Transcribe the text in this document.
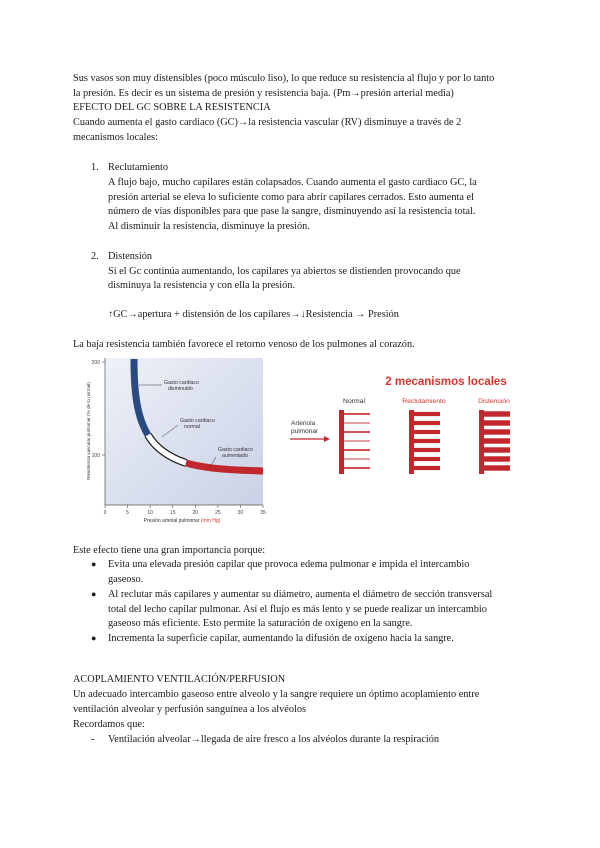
Sus vasos son muy distensibles (poco músculo liso), lo que reduce su resistencia al flujo y por lo tanto
la presión. Es decir es un sistema de presión y resistencia baja. (Pm→presión arterial media)
EFECTO DEL GC SOBRE LA RESISTENCIA
Cuando aumenta el gasto cardiaco (GC)→la resistencia vascular (RV) disminuye a través de 2
mecanismos locales:
1. Reclutamiento
A flujo bajo, mucho capilares están colapsados. Cuando aumenta el gasto cardiaco GC, la
presión arterial se eleva lo suficiente como para abrir capilares cerrados. Esto aumenta el
número de vías disponibles para que pase la sangre, disminuyendo así la resistencia total.
Al disminuir la resistencia, disminuye la presión.
2. Distensión
Si el Gc continúa aumentando, los capilares ya abiertos se distienden provocando que
disminuya la resistencia y con ella la presión.
↑GC→apertura + distensión de los capilares→↓Resistencia → Presión
La baja resistencia también favorece el retorno venoso de los pulmones al corazón.
200
100
Resistencia vascular pulmonar (% de lo normal)
0	5	10	15	20	25	30	35
Presión arterial pulmonar (mm Hg)
Gasto cardiaco
disminuido
Gasto cardiaco
normal
Gasto cardiaco
aumentado
2 mecanismos locales
Arteriola
pulmonar
Normal	Reclutamiento	Distensión
Este efecto tiene una gran importancia porque:
● Evita una elevada presión capilar que provoca edema pulmonar e impida el intercambio
gaseoso.
● Al reclutar más capilares y aumentar su diámetro, aumenta el diámetro de sección transversal
total del lecho capilar pulmonar. Así el flujo es más lento y se puede realizar un intercambio
gaseoso más eficiente. Esto permite la saturación de oxígeno en la sangre.
● Incrementa la superficie capilar, aumentando la difusión de oxígeno hacia la sangre.
ACOPLAMIENTO VENTILACIÓN/PERFUSION
Un adecuado intercambio gaseoso entre alveolo y la sangre requiere un óptimo acoplamiento entre
ventilación alveolar y perfusión sanguínea a los alvéolos
Recordamos que:
- Ventilación alveolar→llegada de aire fresco a los alvéolos durante la respiración
